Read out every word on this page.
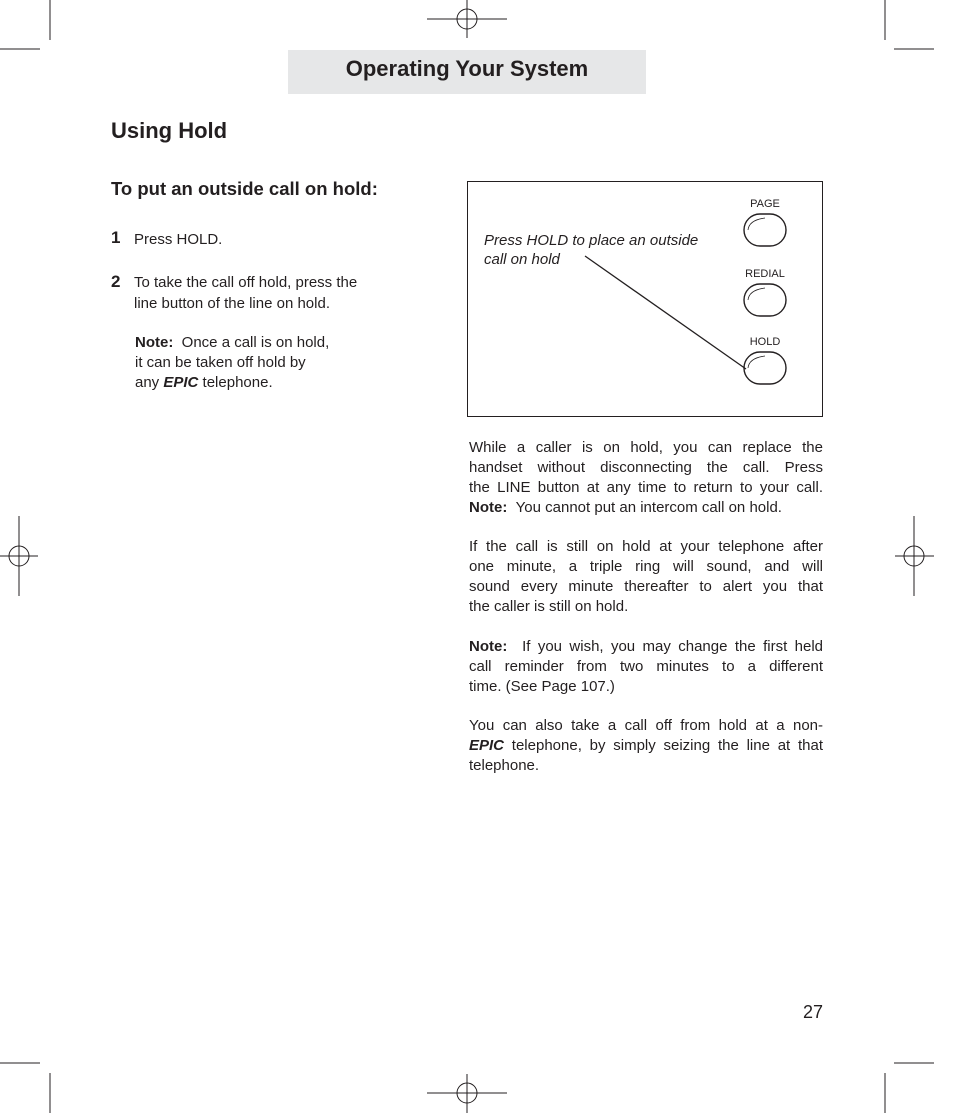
Operating Your System
Using Hold
To put an outside call on hold:
1 Press HOLD.
2 To take the call off hold, press the
line button of the line on hold.
Note: Once a call is on hold,
it can be taken off hold by
any EPIC telephone.
Press HOLD to place an outside
call on hold
PAGE
REDIAL
HOLD
While a caller is on hold, you can replace the
handset without disconnecting the call. Press
the LINE button at any time to return to your call.
Note: You cannot put an intercom call on hold.
If the call is still on hold at your telephone after
one minute, a triple ring will sound, and will
sound every minute thereafter to alert you that
the caller is still on hold.
Note: If you wish, you may change the first held
call reminder from two minutes to a different
time. (See Page 107.)
You can also take a call off from hold at a non-
EPIC telephone, by simply seizing the line at that
telephone.
27
